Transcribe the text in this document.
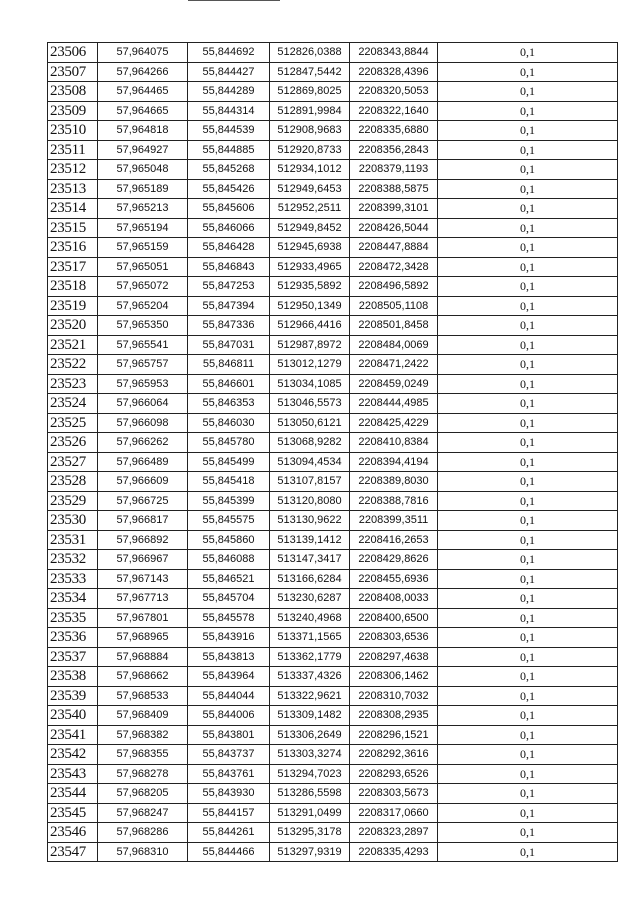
23506	57,964075	55,844692	512826,0388	2208343,8844	0,1
23507	57,964266	55,844427	512847,5442	2208328,4396	0,1
23508	57,964465	55,844289	512869,8025	2208320,5053	0,1
23509	57,964665	55,844314	512891,9984	2208322,1640	0,1
23510	57,964818	55,844539	512908,9683	2208335,6880	0,1
23511	57,964927	55,844885	512920,8733	2208356,2843	0,1
23512	57,965048	55,845268	512934,1012	2208379,1193	0,1
23513	57,965189	55,845426	512949,6453	2208388,5875	0,1
23514	57,965213	55,845606	512952,2511	2208399,3101	0,1
23515	57,965194	55,846066	512949,8452	2208426,5044	0,1
23516	57,965159	55,846428	512945,6938	2208447,8884	0,1
23517	57,965051	55,846843	512933,4965	2208472,3428	0,1
23518	57,965072	55,847253	512935,5892	2208496,5892	0,1
23519	57,965204	55,847394	512950,1349	2208505,1108	0,1
23520	57,965350	55,847336	512966,4416	2208501,8458	0,1
23521	57,965541	55,847031	512987,8972	2208484,0069	0,1
23522	57,965757	55,846811	513012,1279	2208471,2422	0,1
23523	57,965953	55,846601	513034,1085	2208459,0249	0,1
23524	57,966064	55,846353	513046,5573	2208444,4985	0,1
23525	57,966098	55,846030	513050,6121	2208425,4229	0,1
23526	57,966262	55,845780	513068,9282	2208410,8384	0,1
23527	57,966489	55,845499	513094,4534	2208394,4194	0,1
23528	57,966609	55,845418	513107,8157	2208389,8030	0,1
23529	57,966725	55,845399	513120,8080	2208388,7816	0,1
23530	57,966817	55,845575	513130,9622	2208399,3511	0,1
23531	57,966892	55,845860	513139,1412	2208416,2653	0,1
23532	57,966967	55,846088	513147,3417	2208429,8626	0,1
23533	57,967143	55,846521	513166,6284	2208455,6936	0,1
23534	57,967713	55,845704	513230,6287	2208408,0033	0,1
23535	57,967801	55,845578	513240,4968	2208400,6500	0,1
23536	57,968965	55,843916	513371,1565	2208303,6536	0,1
23537	57,968884	55,843813	513362,1779	2208297,4638	0,1
23538	57,968662	55,843964	513337,4326	2208306,1462	0,1
23539	57,968533	55,844044	513322,9621	2208310,7032	0,1
23540	57,968409	55,844006	513309,1482	2208308,2935	0,1
23541	57,968382	55,843801	513306,2649	2208296,1521	0,1
23542	57,968355	55,843737	513303,3274	2208292,3616	0,1
23543	57,968278	55,843761	513294,7023	2208293,6526	0,1
23544	57,968205	55,843930	513286,5598	2208303,5673	0,1
23545	57,968247	55,844157	513291,0499	2208317,0660	0,1
23546	57,968286	55,844261	513295,3178	2208323,2897	0,1
23547	57,968310	55,844466	513297,9319	2208335,4293	0,1
